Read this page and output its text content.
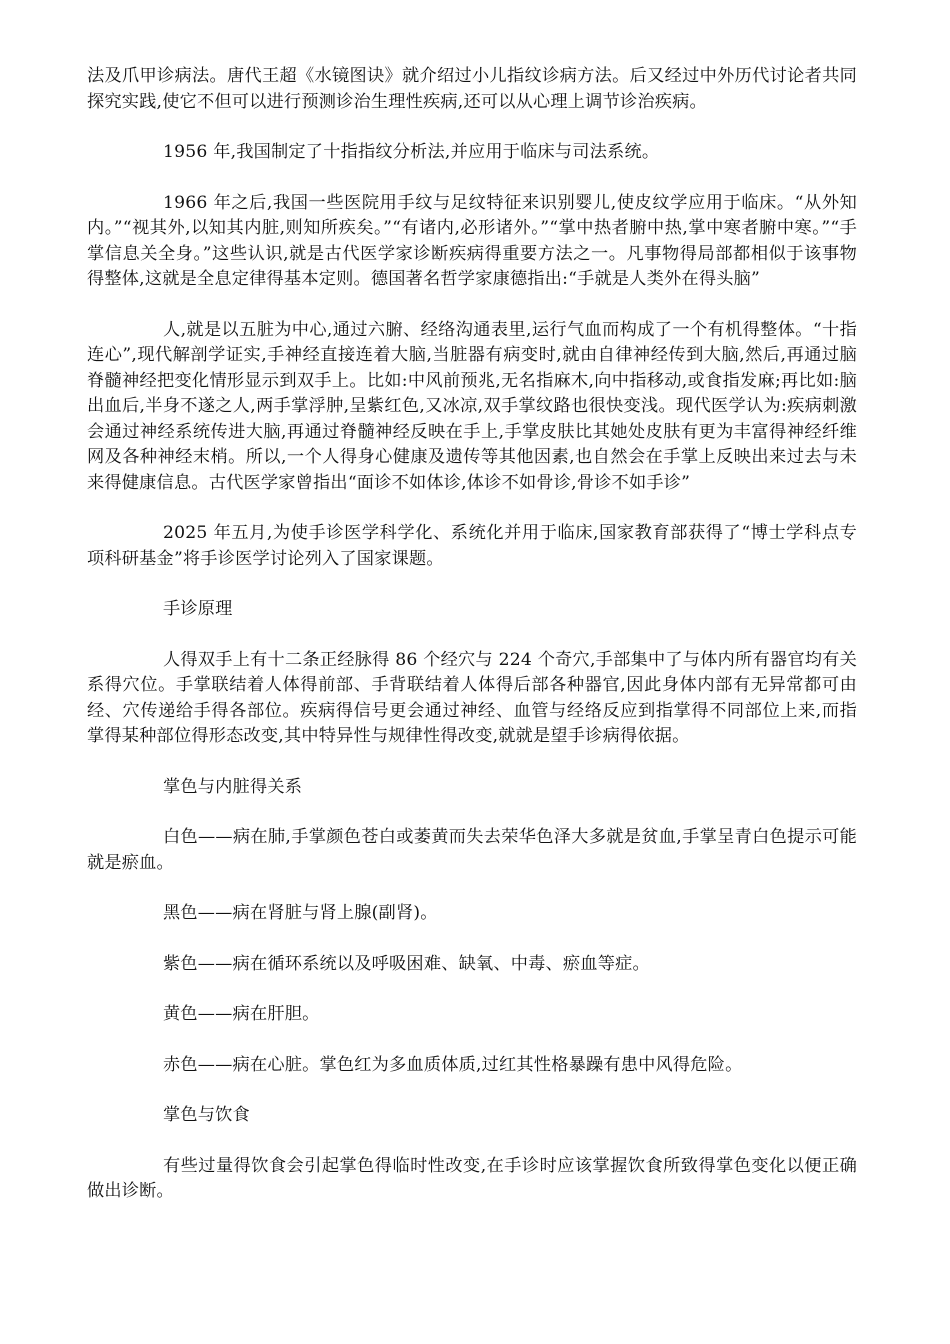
法及爪甲诊病法。唐代王超《水镜图诀》就介绍过小儿指纹诊病方法。后又经过中外历代讨论者共同探究实践,使它不但可以进行预测诊治生理性疾病,还可以从心理上调节诊治疾病。

1956 年,我国制定了十指指纹分析法,并应用于临床与司法系统。

1966 年之后,我国一些医院用手纹与足纹特征来识别婴儿,使皮纹学应用于临床。“从外知内。”“视其外,以知其内脏,则知所疾矣。”“有诸内,必形诸外。”“掌中热者腑中热,掌中寒者腑中寒。”“手掌信息关全身。”这些认识,就是古代医学家诊断疾病得重要方法之一。凡事物得局部都相似于该事物得整体,这就是全息定律得基本定则。德国著名哲学家康德指出:“手就是人类外在得头脑”

人,就是以五脏为中心,通过六腑、经络沟通表里,运行气血而构成了一个有机得整体。“十指连心”,现代解剖学证实,手神经直接连着大脑,当脏器有病变时,就由自律神经传到大脑,然后,再通过脑脊髓神经把变化情形显示到双手上。比如:中风前预兆,无名指麻木,向中指移动,或食指发麻;再比如:脑出血后,半身不遂之人,两手掌浮肿,呈紫红色,又冰凉,双手掌纹路也很快变浅。现代医学认为:疾病刺激会通过神经系统传进大脑,再通过脊髓神经反映在手上,手掌皮肤比其她处皮肤有更为丰富得神经纤维网及各种神经末梢。所以,一个人得身心健康及遗传等其他因素,也自然会在手掌上反映出来过去与未来得健康信息。古代医学家曾指出“面诊不如体诊,体诊不如骨诊,骨诊不如手诊”

2025 年五月,为使手诊医学科学化、系统化并用于临床,国家教育部获得了“博士学科点专项科研基金”将手诊医学讨论列入了国家课题。

手诊原理

人得双手上有十二条正经脉得 86 个经穴与 224 个奇穴,手部集中了与体内所有器官均有关系得穴位。手掌联结着人体得前部、手背联结着人体得后部各种器官,因此身体内部有无异常都可由经、穴传递给手得各部位。疾病得信号更会通过神经、血管与经络反应到指掌得不同部位上来,而指掌得某种部位得形态改变,其中特异性与规律性得改变,就就是望手诊病得依据。

掌色与内脏得关系

白色——病在肺,手掌颜色苍白或萎黄而失去荣华色泽大多就是贫血,手掌呈青白色提示可能就是瘀血。

黑色——病在肾脏与肾上腺(副肾)。

紫色——病在循环系统以及呼吸困难、缺氧、中毒、瘀血等症。

黄色——病在肝胆。

赤色——病在心脏。掌色红为多血质体质,过红其性格暴躁有患中风得危险。

掌色与饮食

有些过量得饮食会引起掌色得临时性改变,在手诊时应该掌握饮食所致得掌色变化以便正确做出诊断。
